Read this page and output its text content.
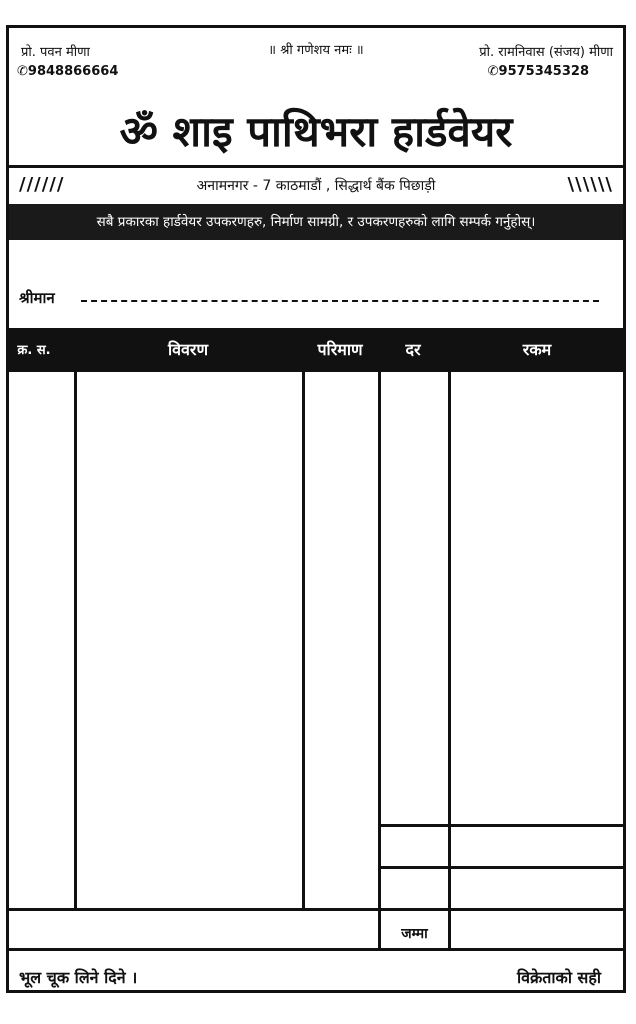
प्रो. पवन मीणा
✆9848866664
॥ श्री गणेशय नमः ॥	प्रो. रामनिवास (संजय) मीणा
✆9575345328
ॐ शाइ पाथिभरा हार्डवेयर
//////	अनामनगर - 7 काठमाडौं , सिद्धार्थ बैंक पिछाड़ी	\\\\\\
सबै प्रकारका हार्डवेयर उपकरणहरु, निर्माण सामग्री, र उपकरणहरुको लागि सम्पर्क गर्नुहोस्।
श्रीमान
क्र. स.	विवरण	परिमाण	दर	रकम
जम्मा
भूल चूक लिने दिने ।	विक्रेताको सही
